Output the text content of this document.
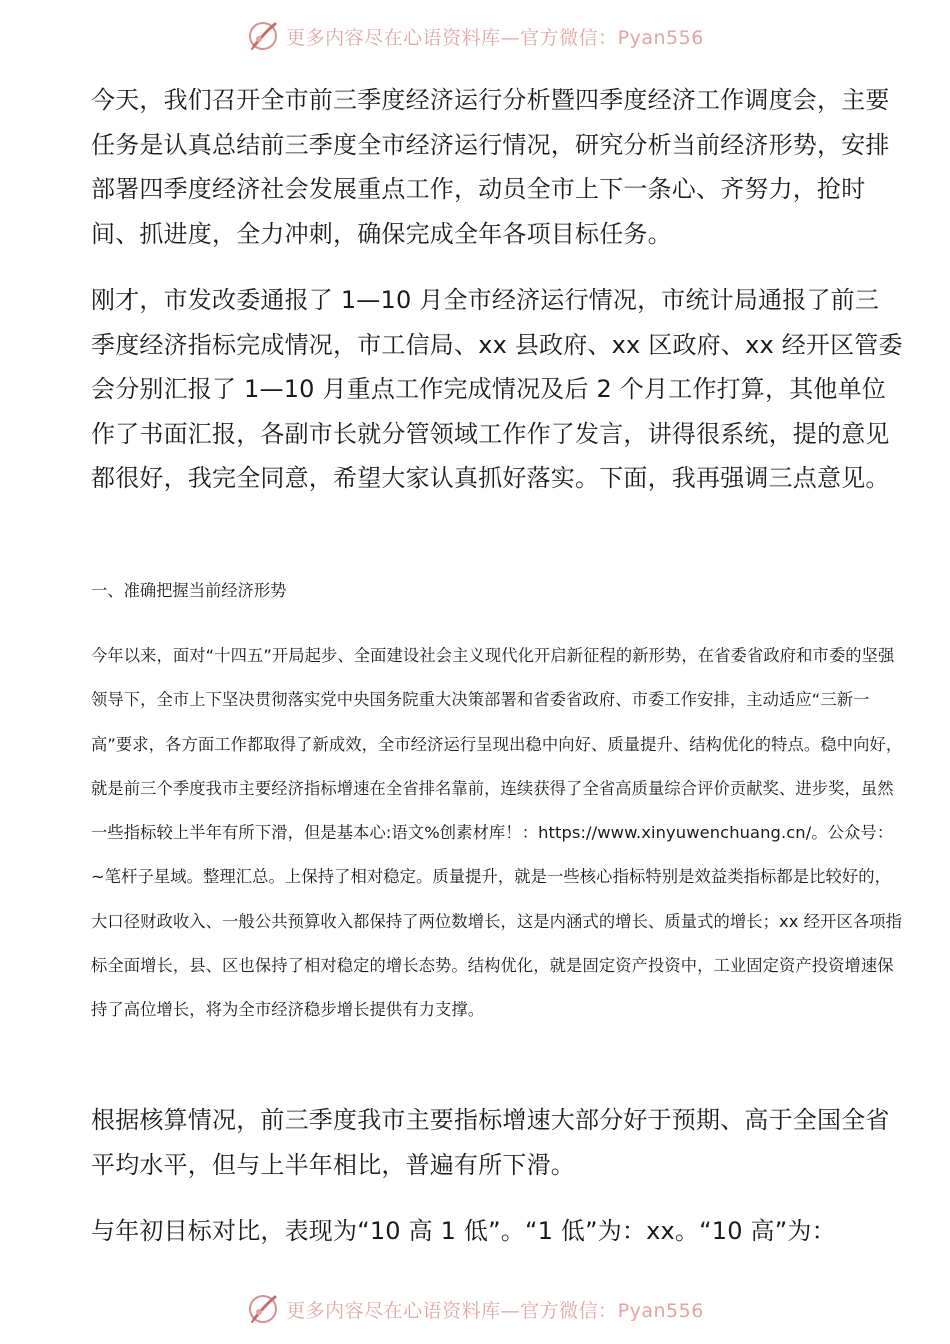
更多内容尽在心语资料库—官方微信：Pyan556

今天，我们召开全市前三季度经济运行分析暨四季度经济工作调度会，主要任务是认真总结前三季度全市经济运行情况，研究分析当前经济形势，安排部署四季度经济社会发展重点工作，动员全市上下一条心、齐努力，抢时间、抓进度，全力冲刺，确保完成全年各项目标任务。

刚才，市发改委通报了 1—10 月全市经济运行情况，市统计局通报了前三季度经济指标完成情况，市工信局、xx 县政府、xx 区政府、xx 经开区管委会分别汇报了 1—10 月重点工作完成情况及后 2 个月工作打算，其他单位作了书面汇报，各副市长就分管领域工作作了发言，讲得很系统，提的意见都很好，我完全同意，希望大家认真抓好落实。下面，我再强调三点意见。

一、准确把握当前经济形势

今年以来，面对“十四五”开局起步、全面建设社会主义现代化开启新征程的新形势，在省委省政府和市委的坚强领导下，全市上下坚决贯彻落实党中央国务院重大决策部署和省委省政府、市委工作安排，主动适应“三新一高”要求，各方面工作都取得了新成效，全市经济运行呈现出稳中向好、质量提升、结构优化的特点。稳中向好，就是前三个季度我市主要经济指标增速在全省排名靠前，连续获得了全省高质量综合评价贡献奖、进步奖，虽然一些指标较上半年有所下滑，但是基本心:语文%创素材库！：https://www.xinyuwenchuang.cn/。公众号：~笔杆子星域。整理汇总。上保持了相对稳定。质量提升，就是一些核心指标特别是效益类指标都是比较好的，大口径财政收入、一般公共预算收入都保持了两位数增长，这是内涵式的增长、质量式的增长；xx 经开区各项指标全面增长，县、区也保持了相对稳定的增长态势。结构优化，就是固定资产投资中，工业固定资产投资增速保持了高位增长，将为全市经济稳步增长提供有力支撑。

根据核算情况，前三季度我市主要指标增速大部分好于预期、高于全国全省平均水平，但与上半年相比，普遍有所下滑。

与年初目标对比，表现为“10 高 1 低”。“1 低”为：xx。“10 高”为：

更多内容尽在心语资料库—官方微信：Pyan556
